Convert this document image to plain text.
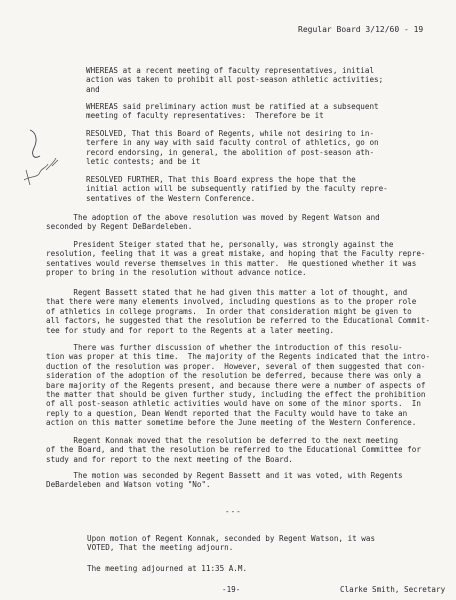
Regular Board 3/12/60 - 19
WHEREAS at a recent meeting of faculty representatives, initial
action was taken to prohibit all post-season athletic activities;
and
WHEREAS said preliminary action must be ratified at a subsequent
meeting of faculty representatives:  Therefore be it
RESOLVED, That this Board of Regents, while not desiring to in-
terfere in any way with said faculty control of athletics, go on
record endorsing, in general, the abolition of post-season ath-
letic contests; and be it
RESOLVED FURTHER, That this Board express the hope that the
initial action will be subsequently ratified by the faculty repre-
sentatives of the Western Conference.
The adoption of the above resolution was moved by Regent Watson and
seconded by Regent DeBardeleben.
President Steiger stated that he, personally, was strongly against the
resolution, feeling that it was a great mistake, and hoping that the Faculty repre-
sentatives would reverse themselves in this matter.  He questioned whether it was
proper to bring in the resolution without advance notice.
Regent Bassett stated that he had given this matter a lot of thought, and
that there were many elements involved, including questions as to the proper role
of athletics in college programs.  In order that consideration might be given to
all factors, he suggested that the resolution be referred to the Educational Commit-
tee for study and for report to the Regents at a later meeting.
There was further discussion of whether the introduction of this resolu-
tion was proper at this time.  The majority of the Regents indicated that the intro-
duction of the resolution was proper.  However, several of them suggested that con-
sideration of the adoption of the resolution be deferred, because there was only a
bare majority of the Regents present, and because there were a number of aspects of
the matter that should be given further study, including the effect the prohibition
of all post-season athletic activities would have on some of the minor sports.  In
reply to a question, Dean Wendt reported that the Faculty would have to take an
action on this matter sometime before the June meeting of the Western Conference.
Regent Konnak moved that the resolution be deferred to the next meeting
of the Board, and that the resolution be referred to the Educational Committee for
study and for report to the next meeting of the Board.
The motion was seconded by Regent Bassett and it was voted, with Regents
DeBardeleben and Watson voting "No".
---
Upon motion of Regent Konnak, seconded by Regent Watson, it was
VOTED, That the meeting adjourn.
The meeting adjourned at 11:35 A.M.
-19-	Clarke Smith, Secretary
